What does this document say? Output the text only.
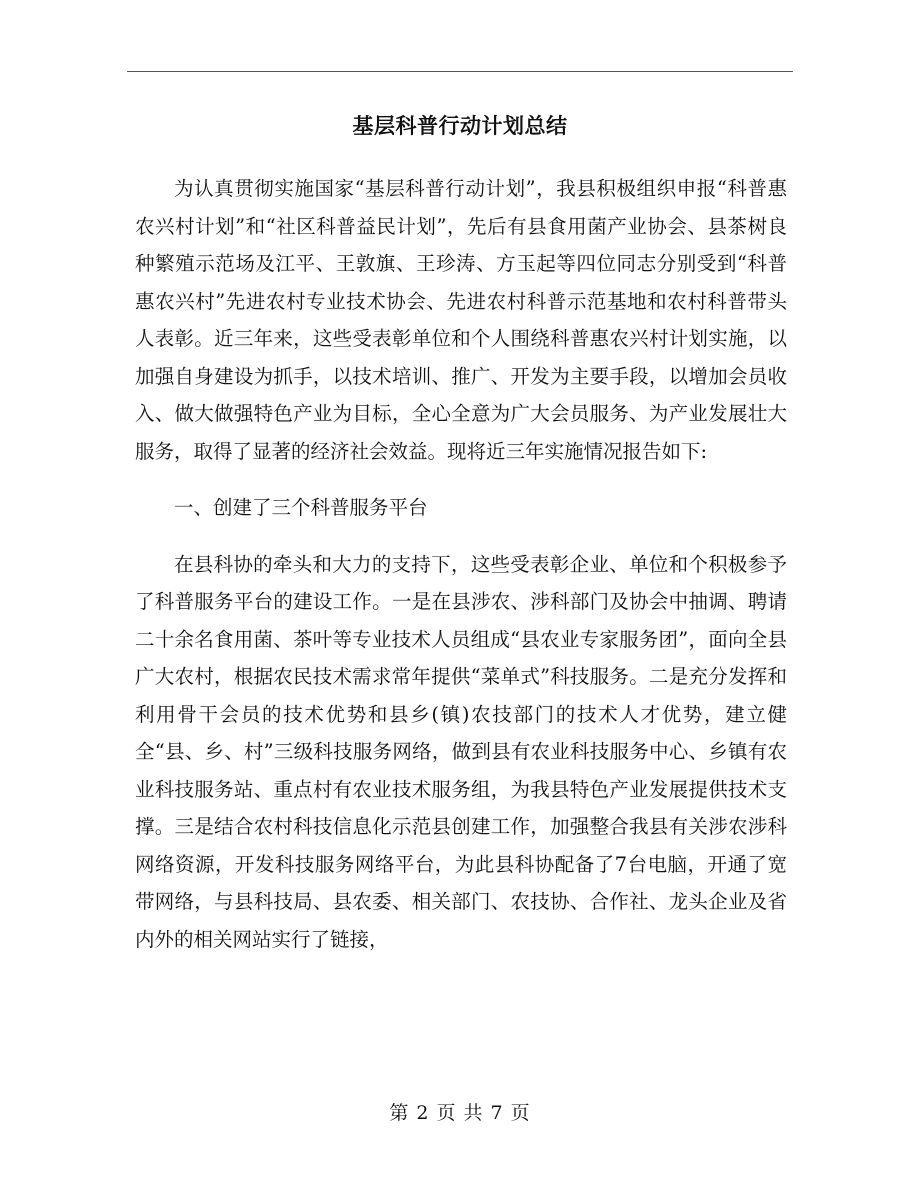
基层科普行动计划总结

为认真贯彻实施国家“基层科普行动计划”，我县积极组织申报“科普惠农兴村计划”和“社区科普益民计划”，先后有县食用菌产业协会、县茶树良种繁殖示范场及江平、王敦旗、王珍涛、方玉起等四位同志分别受到“科普惠农兴村”先进农村专业技术协会、先进农村科普示范基地和农村科普带头人表彰。近三年来，这些受表彰单位和个人围绕科普惠农兴村计划实施，以加强自身建设为抓手，以技术培训、推广、开发为主要手段，以增加会员收入、做大做强特色产业为目标，全心全意为广大会员服务、为产业发展壮大服务，取得了显著的经济社会效益。现将近三年实施情况报告如下:

一、创建了三个科普服务平台

在县科协的牵头和大力的支持下，这些受表彰企业、单位和个积极参予了科普服务平台的建设工作。一是在县涉农、涉科部门及协会中抽调、聘请二十余名食用菌、茶叶等专业技术人员组成“县农业专家服务团”，面向全县广大农村，根据农民技术需求常年提供“菜单式”科技服务。二是充分发挥和利用骨干会员的技术优势和县乡(镇)农技部门的技术人才优势，建立健全“县、乡、村”三级科技服务网络，做到县有农业科技服务中心、乡镇有农业科技服务站、重点村有农业技术服务组，为我县特色产业发展提供技术支撑。三是结合农村科技信息化示范县创建工作，加强整合我县有关涉农涉科网络资源，开发科技服务网络平台，为此县科协配备了7台电脑，开通了宽带网络，与县科技局、县农委、相关部门、农技协、合作社、龙头企业及省内外的相关网站实行了链接，

第 2 页 共 7 页
